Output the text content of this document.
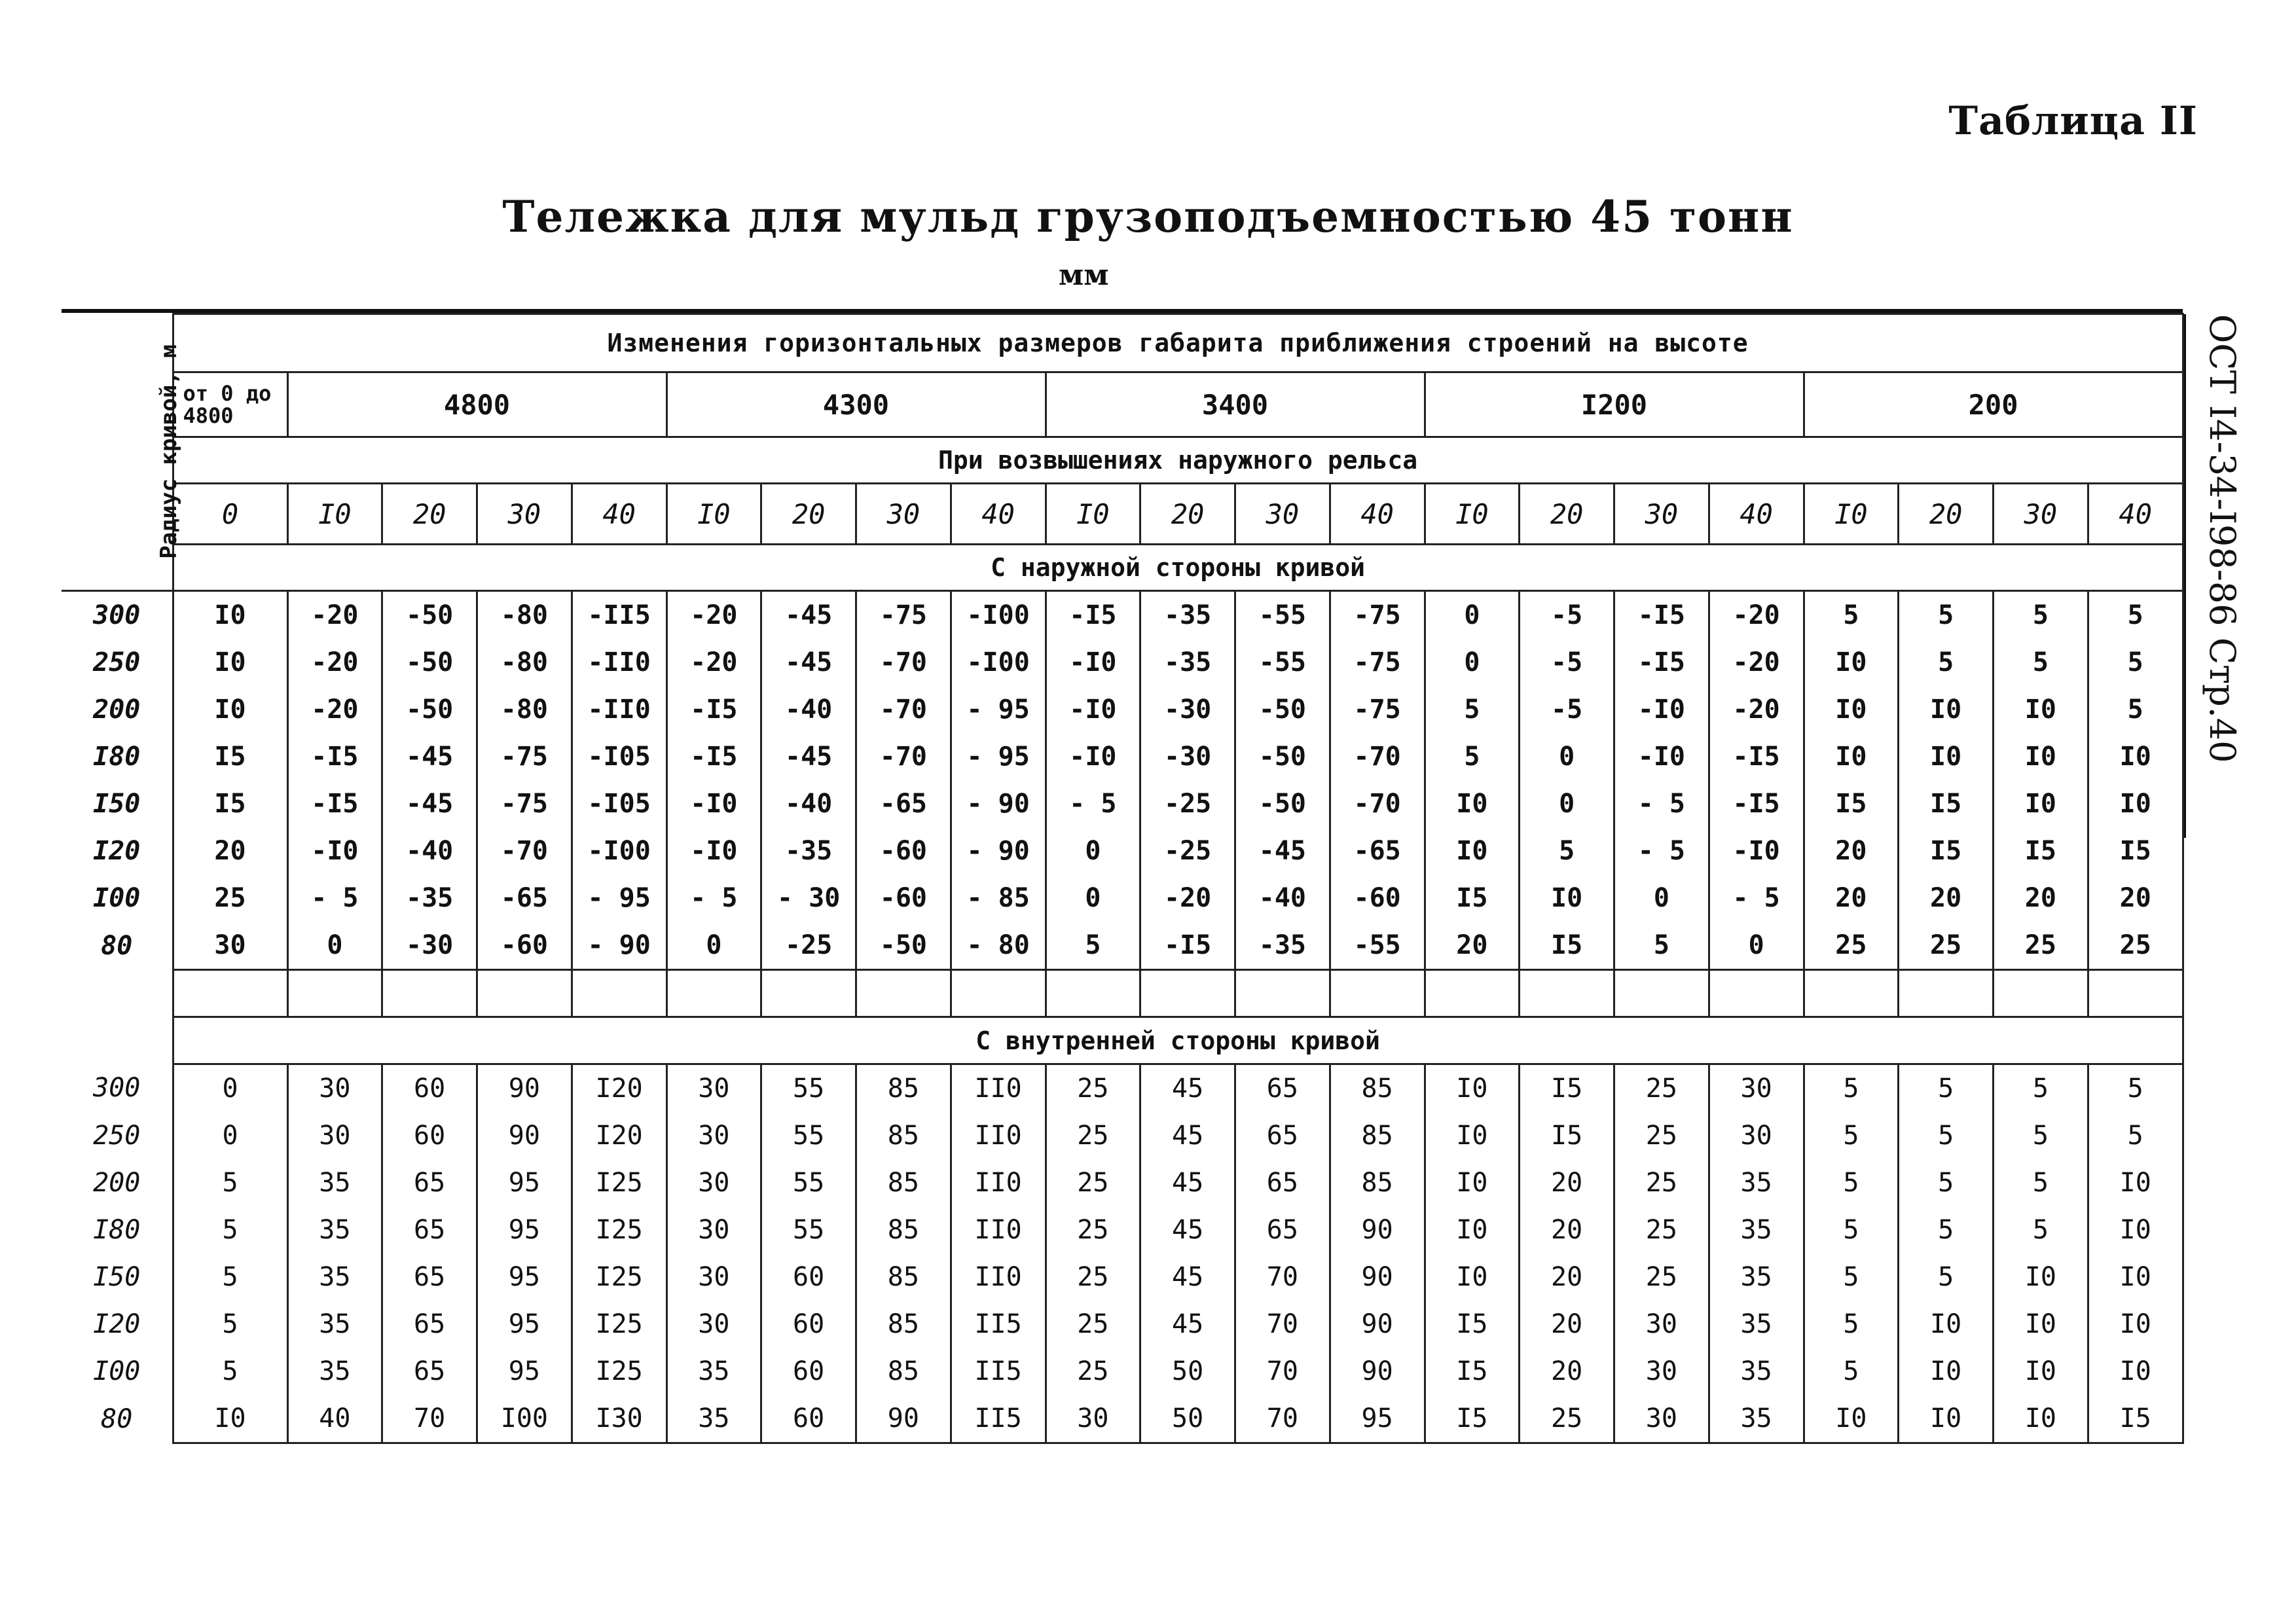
Таблица II
Тележка для мульд грузоподъемностью 45 тонн
мм
ОСТ I4-34-I98-86 Стр.40
Радиус кривой, м	Изменения горизонтальных размеров габарита приближения строений на высоте																				
	от 0 до 4800	4800				4300				3400				I200				200			
	При возвышениях наружного рельса																				
	0	I0	20	30	40	I0	20	30	40	I0	20	30	40	I0	20	30	40	I0	20	30	40
	С наружной стороны кривой																				
300	I0	-20	-50	-80	-II5	-20	-45	-75	-I00	-I5	-35	-55	-75	0	-5	-I5	-20	5	5	5	5
250	I0	-20	-50	-80	-II0	-20	-45	-70	-I00	-I0	-35	-55	-75	0	-5	-I5	-20	I0	5	5	5
200	I0	-20	-50	-80	-II0	-I5	-40	-70	- 95	-I0	-30	-50	-75	5	-5	-I0	-20	I0	I0	I0	5
I80	I5	-I5	-45	-75	-I05	-I5	-45	-70	- 95	-I0	-30	-50	-70	5	0	-I0	-I5	I0	I0	I0	I0
I50	I5	-I5	-45	-75	-I05	-I0	-40	-65	- 90	- 5	-25	-50	-70	I0	0	- 5	-I5	I5	I5	I0	I0
I20	20	-I0	-40	-70	-I00	-I0	-35	-60	- 90	0	-25	-45	-65	I0	5	- 5	-I0	20	I5	I5	I5
I00	25	- 5	-35	-65	- 95	- 5	- 30	-60	- 85	0	-20	-40	-60	I5	I0	0	- 5	20	20	20	20
80	30	0	-30	-60	- 90	0	-25	-50	- 80	5	-I5	-35	-55	20	I5	5	0	25	25	25	25

	С внутренней стороны кривой																				
300	0	30	60	90	I20	30	55	85	II0	25	45	65	85	I0	I5	25	30	5	5	5	5
250	0	30	60	90	I20	30	55	85	II0	25	45	65	85	I0	I5	25	30	5	5	5	5
200	5	35	65	95	I25	30	55	85	II0	25	45	65	85	I0	20	25	35	5	5	5	I0
I80	5	35	65	95	I25	30	55	85	II0	25	45	65	90	I0	20	25	35	5	5	5	I0
I50	5	35	65	95	I25	30	60	85	II0	25	45	70	90	I0	20	25	35	5	5	I0	I0
I20	5	35	65	95	I25	30	60	85	II5	25	45	70	90	I5	20	30	35	5	I0	I0	I0
I00	5	35	65	95	I25	35	60	85	II5	25	50	70	90	I5	20	30	35	5	I0	I0	I0
80	I0	40	70	I00	I30	35	60	90	II5	30	50	70	95	I5	25	30	35	I0	I0	I0	I5
